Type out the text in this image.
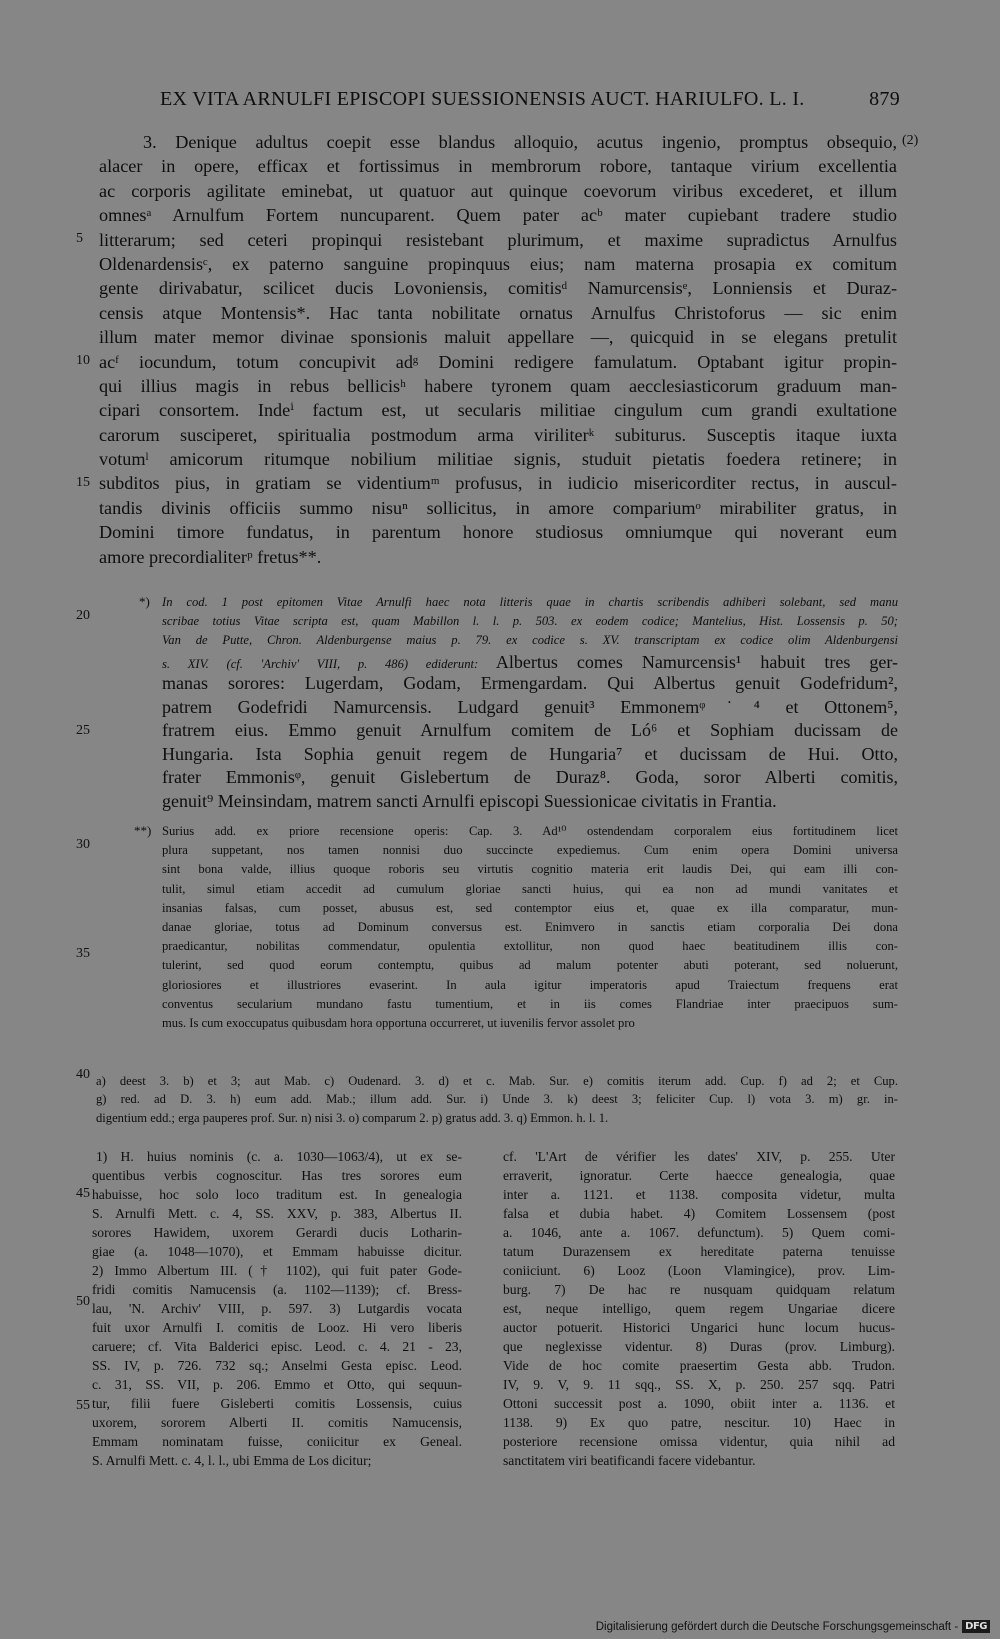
EX VITA ARNULFI EPISCOPI SUESSIONENSIS AUCT. HARIULFO. L. I.	879
(2)
5
10
15
20
25
30
35
40
45
50
55
3. Denique adultus coepit esse blandus alloquio, acutus ingenio, promptus obsequio,
alacer in opere, efficax et fortissimus in membrorum robore, tantaque virium excellentia
ac corporis agilitate eminebat, ut quatuor aut quinque coevorum viribus excederet, et illum
omnesᵃ Arnulfum Fortem nuncuparent. Quem pater acᵇ mater cupiebant tradere studio
litterarum; sed ceteri propinqui resistebant plurimum, et maxime supradictus Arnulfus
Oldenardensisᶜ, ex paterno sanguine propinquus eius; nam materna prosapia ex comitum
gente dirivabatur, scilicet ducis Lovoniensis, comitisᵈ Namurcensisᵉ, Lonniensis et Duraz-
censis atque Montensis*. Hac tanta nobilitate ornatus Arnulfus Christoforus — sic enim
illum mater memor divinae sponsionis maluit appellare —, quicquid in se elegans pretulit
acᶠ iocundum, totum concupivit adᵍ Domini redigere famulatum. Optabant igitur propin-
qui illius magis in rebus bellicisʰ habere tyronem quam aecclesiasticorum graduum man-
cipari consortem. Indeⁱ factum est, ut secularis militiae cingulum cum grandi exultatione
carorum susciperet, spiritualia postmodum arma viriliterᵏ subiturus. Susceptis itaque iuxta
votumˡ amicorum ritumque nobilium militiae signis, studuit pietatis foedera retinere; in
subditos pius, in gratiam se videntiumᵐ profusus, in iudicio misericorditer rectus, in auscul-
tandis divinis officiis summo nisuⁿ sollicitus, in amore compariumᵒ mirabiliter gratus, in
Domini timore fundatus, in parentum honore studiosus omniumque qui noverant eum
amore precordialiterᵖ fretus**.
*) In cod. 1 post epitomen Vitae Arnulfi haec nota litteris quae in chartis scribendis adhiberi solebant, sed manu
scribae totius Vitae scripta est, quam Mabillon l. l. p. 503. ex eodem codice; Mantelius, Hist. Lossensis p. 50;
Van de Putte, Chron. Aldenburgense maius p. 79. ex codice s. XV. transcriptam ex codice olim Aldenburgensi
s. XIV. (cf. 'Archiv' VIII, p. 486) ediderunt: Albertus comes Namurcensis¹ habuit tres ger-
manas sorores: Lugerdam, Godam, Ermengardam. Qui Albertus genuit Godefridum²,
patrem Godefridi Namurcensis. Ludgard genuit³ Emmonemᵠ˙⁴ et Ottonem⁵,
fratrem eius. Emmo genuit Arnulfum comitem de Ló⁶ et Sophiam ducissam de
Hungaria. Ista Sophia genuit regem de Hungaria⁷ et ducissam de Hui. Otto,
frater Emmonisᵠ, genuit Gislebertum de Duraz⁸. Goda, soror Alberti comitis,
genuit⁹ Meinsindam, matrem sancti Arnulfi episcopi Suessionicae civitatis in Frantia.
**) Surius add. ex priore recensione operis: Cap. 3. Ad¹⁰ ostendendam corporalem eius fortitudinem licet
plura suppetant, nos tamen nonnisi duo succincte expediemus. Cum enim opera Domini universa
sint bona valde, illius quoque roboris seu virtutis cognitio materia erit laudis Dei, qui eam illi con-
tulit, simul etiam accedit ad cumulum gloriae sancti huius, qui ea non ad mundi vanitates et
insanias falsas, cum posset, abusus est, sed contemptor eius et, quae ex illa comparatur, mun-
danae gloriae, totus ad Dominum conversus est. Enimvero in sanctis etiam corporalia Dei dona
praedicantur, nobilitas commendatur, opulentia extollitur, non quod haec beatitudinem illis con-
tulerint, sed quod eorum contemptu, quibus ad malum potenter abuti poterant, sed noluerunt,
gloriosiores et illustriores evaserint. In aula igitur imperatoris apud Traiectum frequens erat
conventus secularium mundano fastu tumentium, et in iis comes Flandriae inter praecipuos sum-
mus. Is cum exoccupatus quibusdam hora opportuna occurreret, ut iuvenilis fervor assolet pro
a) deest 3. b) et 3; aut Mab. c) Oudenard. 3. d) et c. Mab. Sur. e) comitis iterum add. Cup. f) ad 2; et Cup.
g) red. ad D. 3. h) eum add. Mab.; illum add. Sur. i) Unde 3. k) deest 3; feliciter Cup. l) vota 3. m) gr. in-
digentium edd.; erga pauperes prof. Sur. n) nisi 3. o) comparum 2. p) gratus add. 3. q) Emmon. h. l. 1.
1) H. huius nominis (c. a. 1030—1063/4), ut ex se-
quentibus verbis cognoscitur. Has tres sorores eum
habuisse, hoc solo loco traditum est. In genealogia
S. Arnulfi Mett. c. 4, SS. XXV, p. 383, Albertus II.
sorores Hawidem, uxorem Gerardi ducis Lotharin-
giae (a. 1048—1070), et Emmam habuisse dicitur.
2) Immo Albertum III. († 1102), qui fuit pater Gode-
fridi comitis Namucensis (a. 1102—1139); cf. Bress-
lau, 'N. Archiv' VIII, p. 597. 3) Lutgardis vocata
fuit uxor Arnulfi I. comitis de Looz. Hi vero liberis
caruere; cf. Vita Balderici episc. Leod. c. 4. 21 - 23,
SS. IV, p. 726. 732 sq.; Anselmi Gesta episc. Leod.
c. 31, SS. VII, p. 206. Emmo et Otto, qui sequun-
tur, filii fuere Gisleberti comitis Lossensis, cuius
uxorem, sororem Alberti II. comitis Namucensis,
Emmam nominatam fuisse, coniicitur ex Geneal.
S. Arnulfi Mett. c. 4, l. l., ubi Emma de Los dicitur;
cf. 'L'Art de vérifier les dates' XIV, p. 255. Uter
erraverit, ignoratur. Certe haecce genealogia, quae
inter a. 1121. et 1138. composita videtur, multa
falsa et dubia habet. 4) Comitem Lossensem (post
a. 1046, ante a. 1067. defunctum). 5) Quem comi-
tatum Durazensem ex hereditate paterna tenuisse
coniiciunt. 6) Looz (Loon Vlamingice), prov. Lim-
burg. 7) De hac re nusquam quidquam relatum
est, neque intelligo, quem regem Ungariae dicere
auctor potuerit. Historici Ungarici hunc locum hucus-
que neglexisse videntur. 8) Duras (prov. Limburg).
Vide de hoc comite praesertim Gesta abb. Trudon.
IV, 9. V, 9. 11 sqq., SS. X, p. 250. 257 sqq. Patri
Ottoni successit post a. 1090, obiit inter a. 1136. et
1138. 9) Ex quo patre, nescitur. 10) Haec in
posteriore recensione omissa videntur, quia nihil ad
sanctitatem viri beatificandi facere videbantur.
Digitalisierung gefördert durch die Deutsche Forschungsgemeinschaft - DFG
